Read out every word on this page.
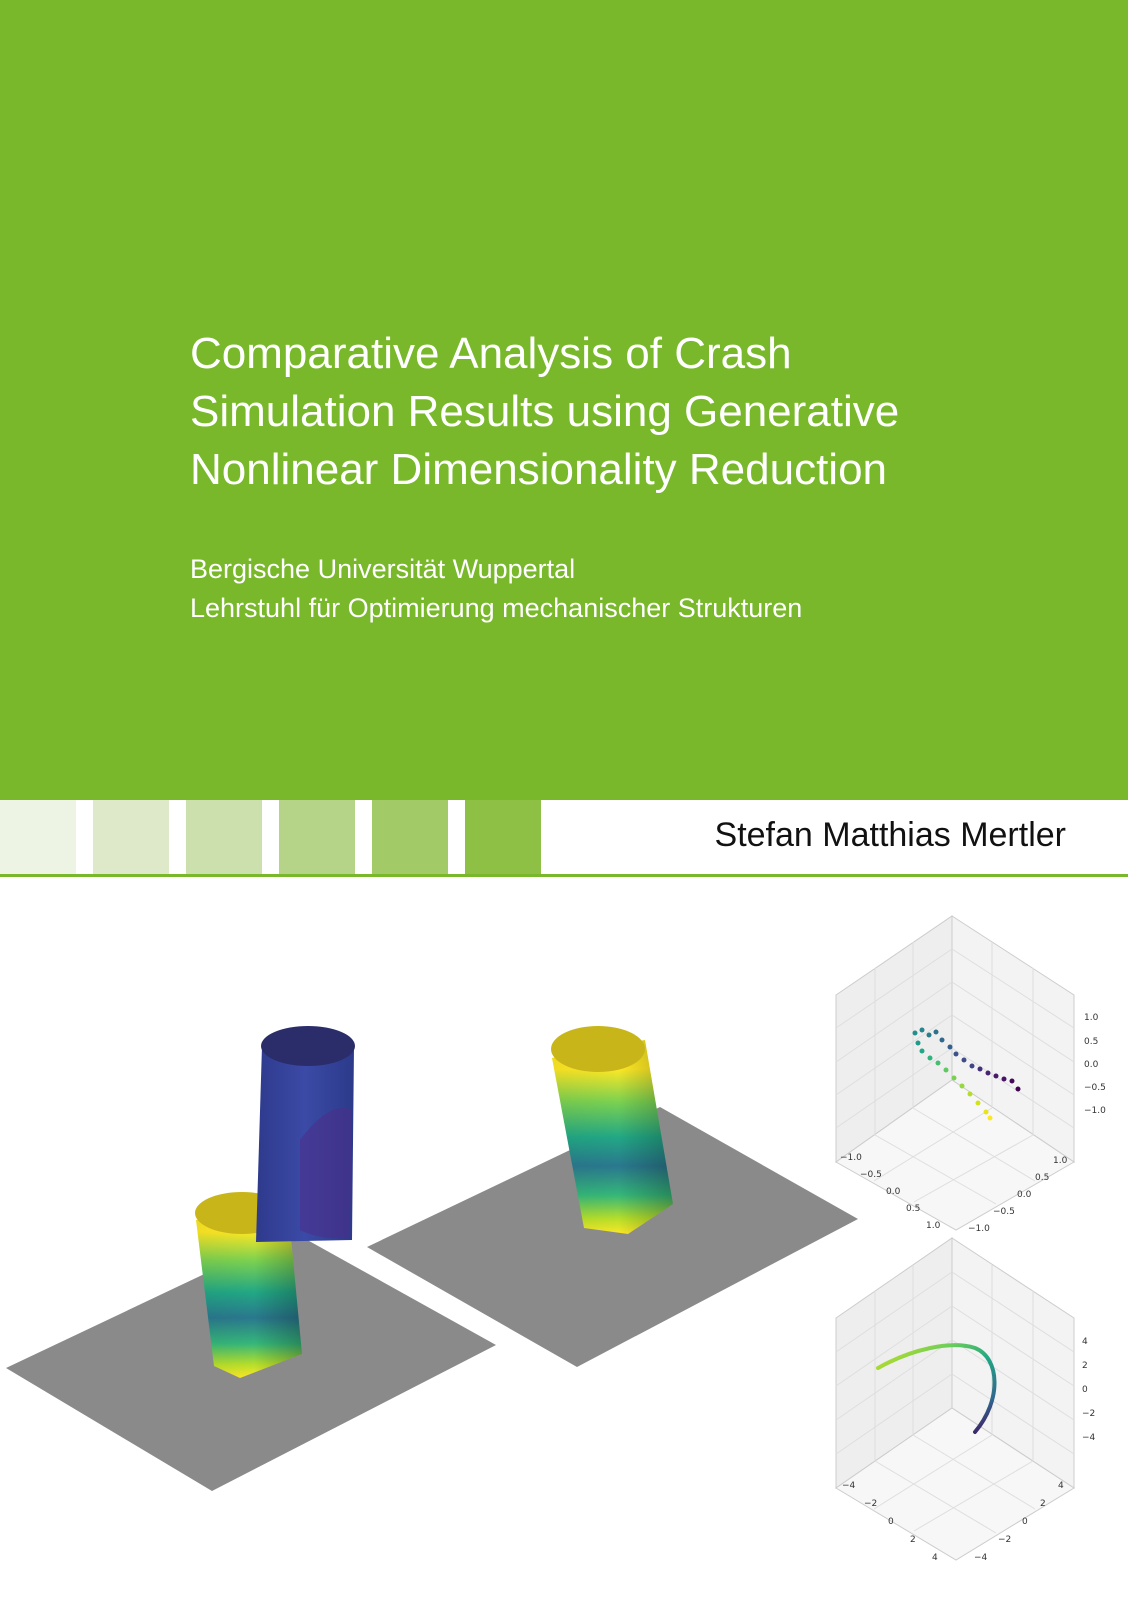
Comparative Analysis of Crash
Simulation Results using Generative
Nonlinear Dimensionality Reduction
Bergische Universität Wuppertal
Lehrstuhl für Optimierung mechanischer Strukturen
Stefan Matthias Mertler
1.0
0.5
0.0
−0.5
−1.0
−1.0
−0.5
0.0
0.5
1.0
1.0
0.5
0.0
−0.5
−1.0
4
2
0
−2
−4
−4
−2
0
2
4
4
2
0
−2
−4
